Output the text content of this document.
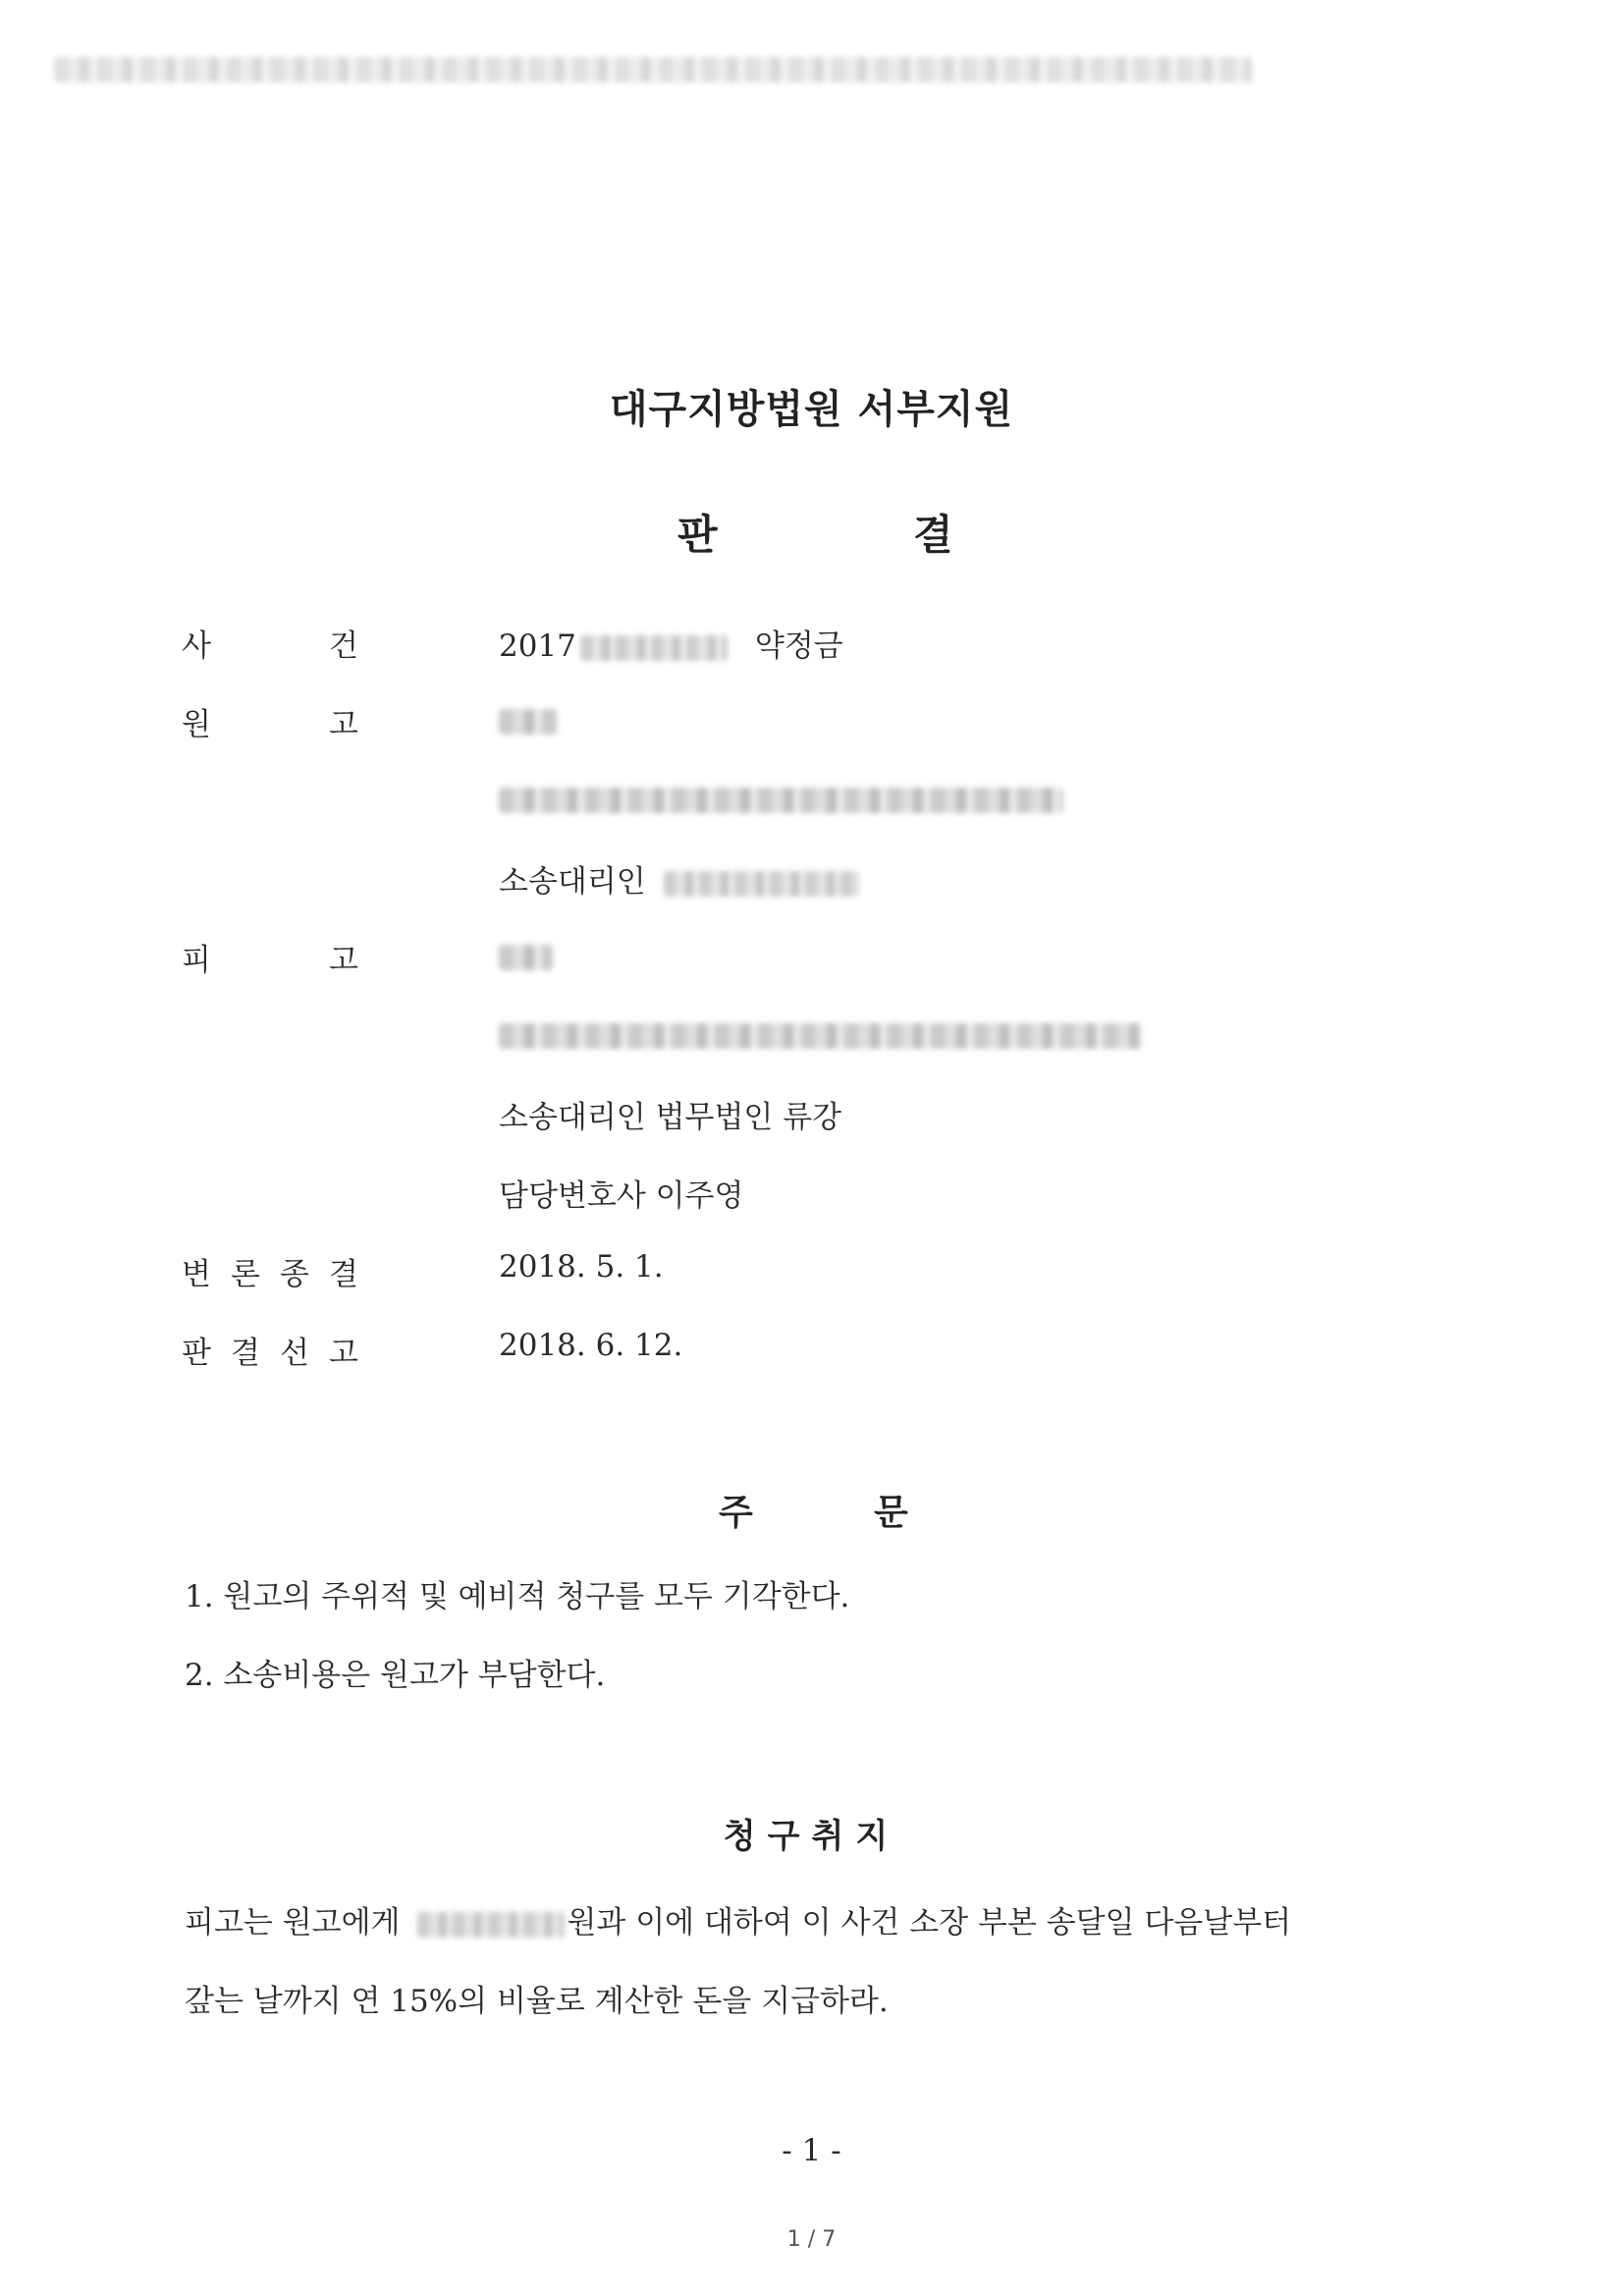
대구지방법원 서부지원
판	결
사	건	2017	약정금
원	고
소송대리인
피	고
소송대리인 법무법인 류강
담당변호사 이주영
변 론 종 결	2018. 5. 1.
판 결 선 고	2018. 6. 12.
주	문
1. 원고의 주위적 및 예비적 청구를 모두 기각한다.
2. 소송비용은 원고가 부담한다.
청구취지
피고는 원고에게	원과 이에 대하여 이 사건 소장 부본 송달일 다음날부터
갚는 날까지 연 15%의 비율로 계산한 돈을 지급하라.
- 1 -
1 / 7
